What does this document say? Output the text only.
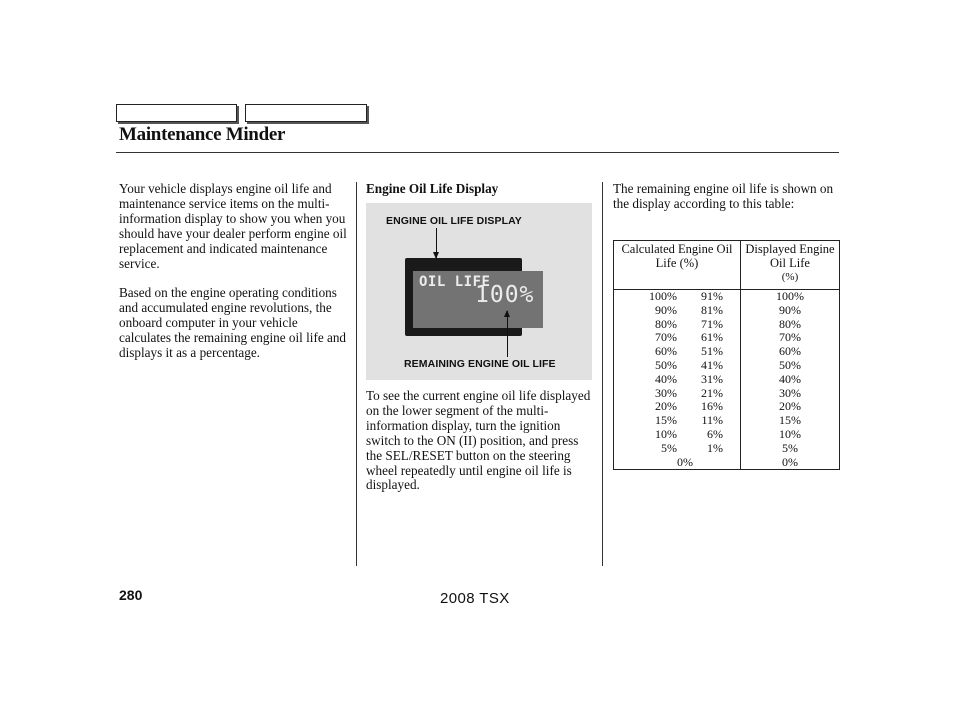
Maintenance Minder

Your vehicle displays engine oil life and maintenance service items on the multi-information display to show you when you should have your dealer perform engine oil replacement and indicated maintenance service.

Based on the engine operating conditions and accumulated engine revolutions, the onboard computer in your vehicle calculates the remaining engine oil life and displays it as a percentage.

Engine Oil Life Display
ENGINE OIL LIFE DISPLAY
OIL LIFE
100%
REMAINING ENGINE OIL LIFE
To see the current engine oil life displayed on the lower segment of the multi-information display, turn the ignition switch to the ON (II) position, and press the SEL/RESET button on the steering wheel repeatedly until engine oil life is displayed.
The remaining engine oil life is shown on the display according to this table:
Calculated Engine Oil Life (%)	Displayed Engine Oil Life
(%)

100% 91%	100%
90% 81%	90%
80% 71%	80%
70% 61%	70%
60% 51%	60%
50% 41%	50%
40% 31%	40%
30% 21%	30%
20% 16%	20%
15% 11%	15%
10% 6%	10%
5% 1%	5%
0%	0%
280	2008 TSX
